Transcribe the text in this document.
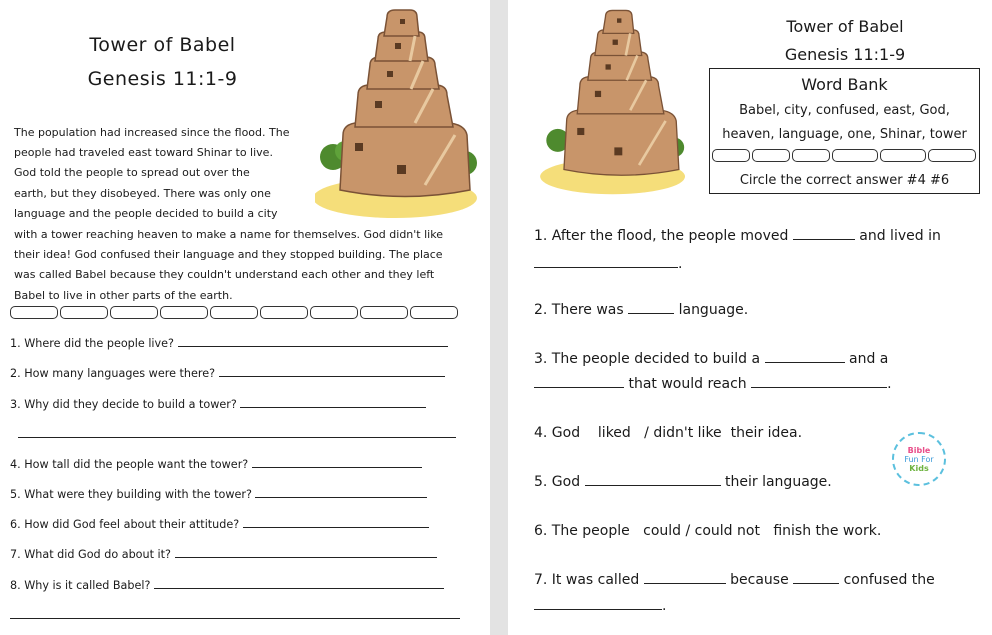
Tower of Babel
Genesis 11:1-9
The population had increased since the flood. The
people had traveled east toward Shinar to live.
God told the people to spread out over the
earth, but they disobeyed. There was only one
language and the people decided to build a city
with a tower reaching heaven to make a name for themselves. God didn't like
their idea! God confused their language and they stopped building. The place
was called Babel because they couldn't understand each other and they left
Babel to live in other parts of the earth.
1. Where did the people live?
2. How many languages were there?
3. Why did they decide to build a tower?
4. How tall did the people want the tower?
5. What were they building with the tower?
6. How did God feel about their attitude?
7. What did God do about it?
8. Why is it called Babel?
Tower of Babel
Genesis 11:1-9
Word Bank
Babel, city, confused, east, God,
heaven, language, one, Shinar, tower
Circle the correct answer #4 #6
1. After the flood, the people moved	and lived in
.
2. There was	language.
3. The people decided to build a	and a
that would reach	.
4. God liked / didn't like their idea.
Bible
Fun For
Kids
5. God	their language.
6. The people could / could not finish the work.
7. It was called	because	confused the
.
